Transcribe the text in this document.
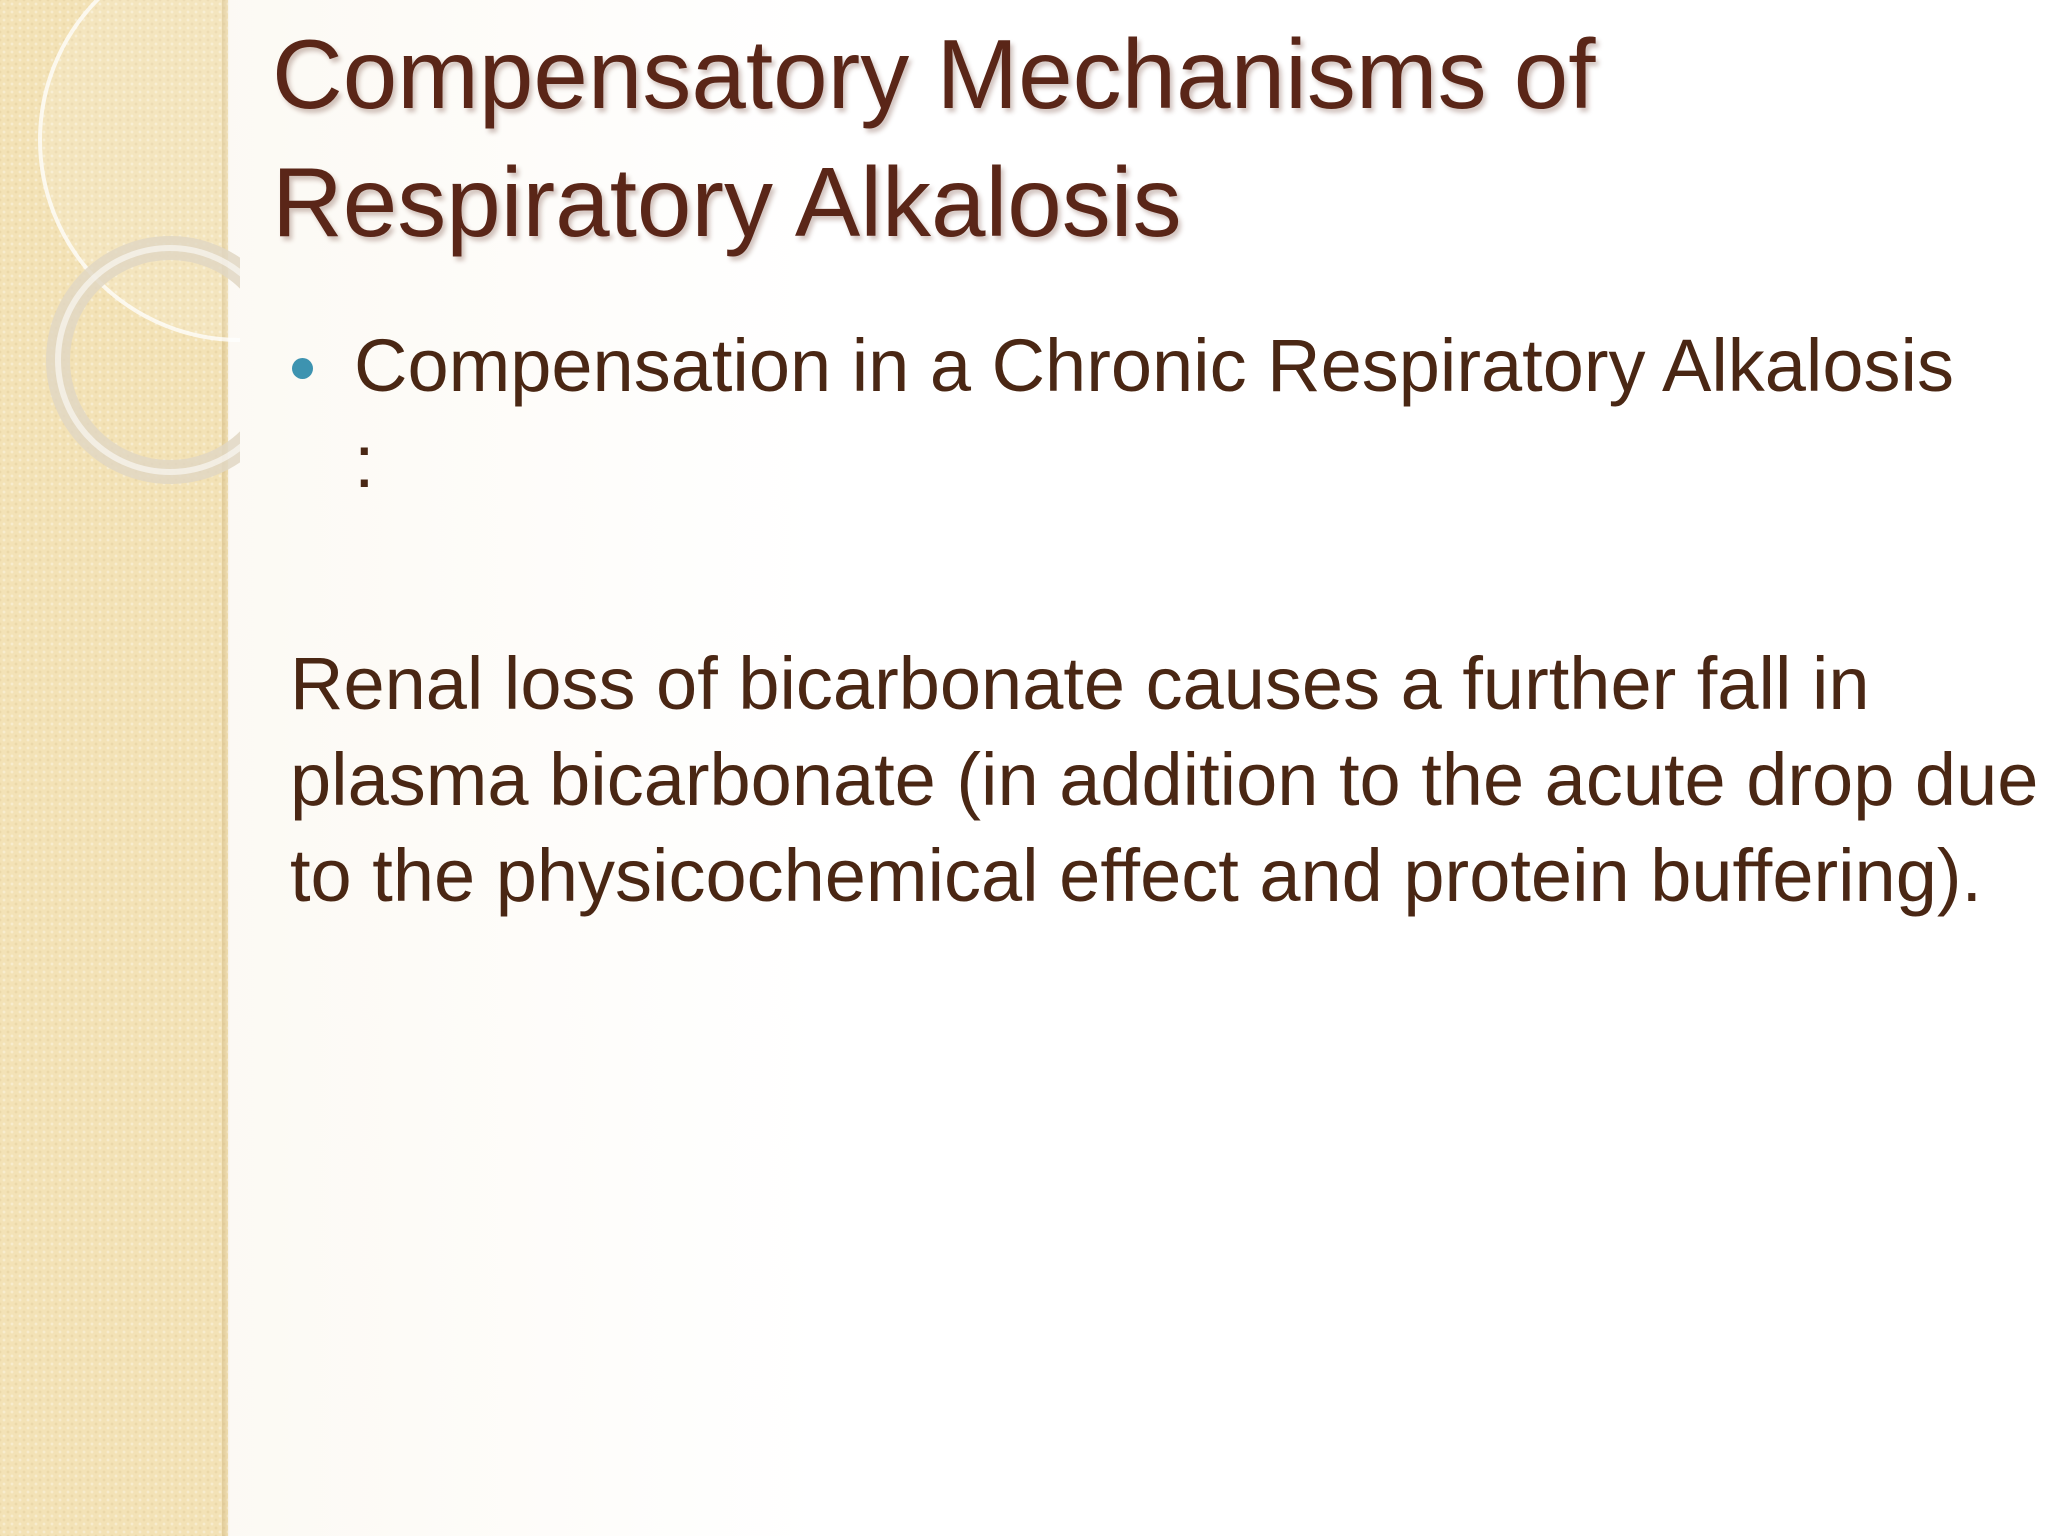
Compensatory Mechanisms of Respiratory Alkalosis
Compensation in a Chronic Respiratory Alkalosis :

Renal loss of bicarbonate causes a further fall in plasma bicarbonate (in addition to the acute drop due to the physicochemical effect and protein buffering).
